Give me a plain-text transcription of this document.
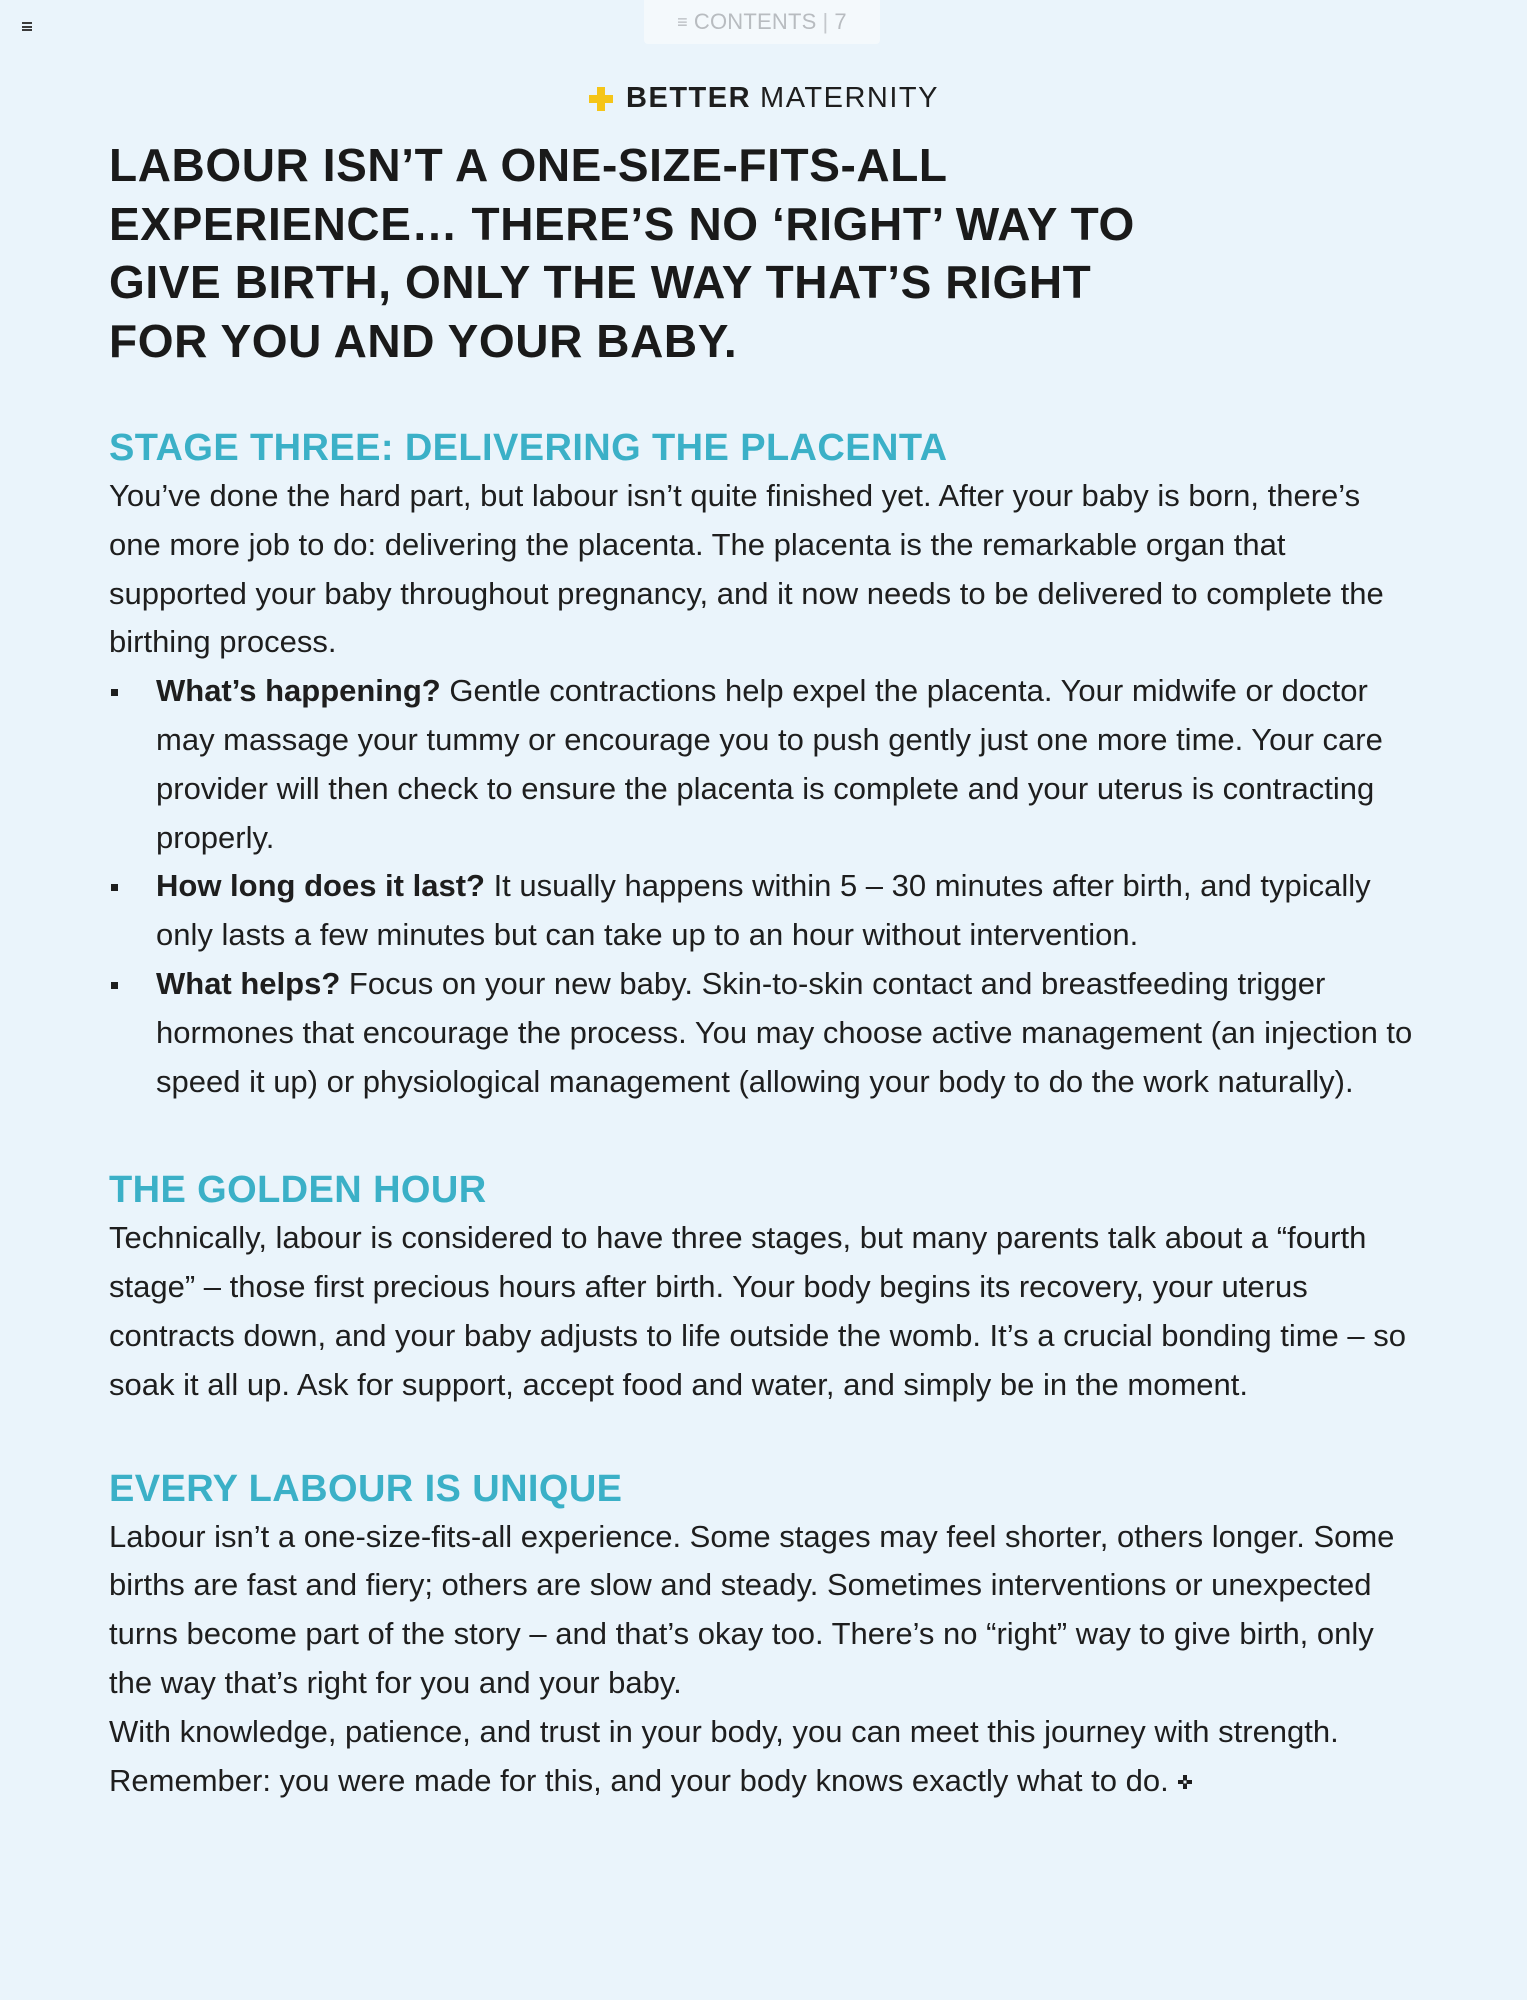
≡ CONTENTS | 7
BETTER MATERNITY
LABOUR ISN’T A ONE-SIZE-FITS-ALL EXPERIENCE… THERE’S NO ‘RIGHT’ WAY TO GIVE BIRTH, ONLY THE WAY THAT’S RIGHT FOR YOU AND YOUR BABY.
STAGE THREE: DELIVERING THE PLACENTA

You’ve done the hard part, but labour isn’t quite finished yet. After your baby is born, there’s one more job to do: delivering the placenta. The placenta is the remarkable organ that supported your baby throughout pregnancy, and it now needs to be delivered to complete the birthing process.

What’s happening? Gentle contractions help expel the placenta. Your midwife or doctor may massage your tummy or encourage you to push gently just one more time. Your care provider will then check to ensure the placenta is complete and your uterus is contracting properly.
How long does it last? It usually happens within 5 – 30 minutes after birth, and typically only lasts a few minutes but can take up to an hour without intervention.
What helps? Focus on your new baby. Skin-to-skin contact and breastfeeding trigger hormones that encourage the process. You may choose active management (an injection to speed it up) or physiological management (allowing your body to do the work naturally).
THE GOLDEN HOUR

Technically, labour is considered to have three stages, but many parents talk about a “fourth stage” – those first precious hours after birth. Your body begins its recovery, your uterus contracts down, and your baby adjusts to life outside the womb. It’s a crucial bonding time – so soak it all up. Ask for support, accept food and water, and simply be in the moment.

EVERY LABOUR IS UNIQUE

Labour isn’t a one-size-fits-all experience. Some stages may feel shorter, others longer. Some births are fast and fiery; others are slow and steady. Sometimes interventions or unexpected turns become part of the story – and that’s okay too. There’s no “right” way to give birth, only the way that’s right for you and your baby.

With knowledge, patience, and trust in your body, you can meet this journey with strength. Remember: you were made for this, and your body knows exactly what to do.
